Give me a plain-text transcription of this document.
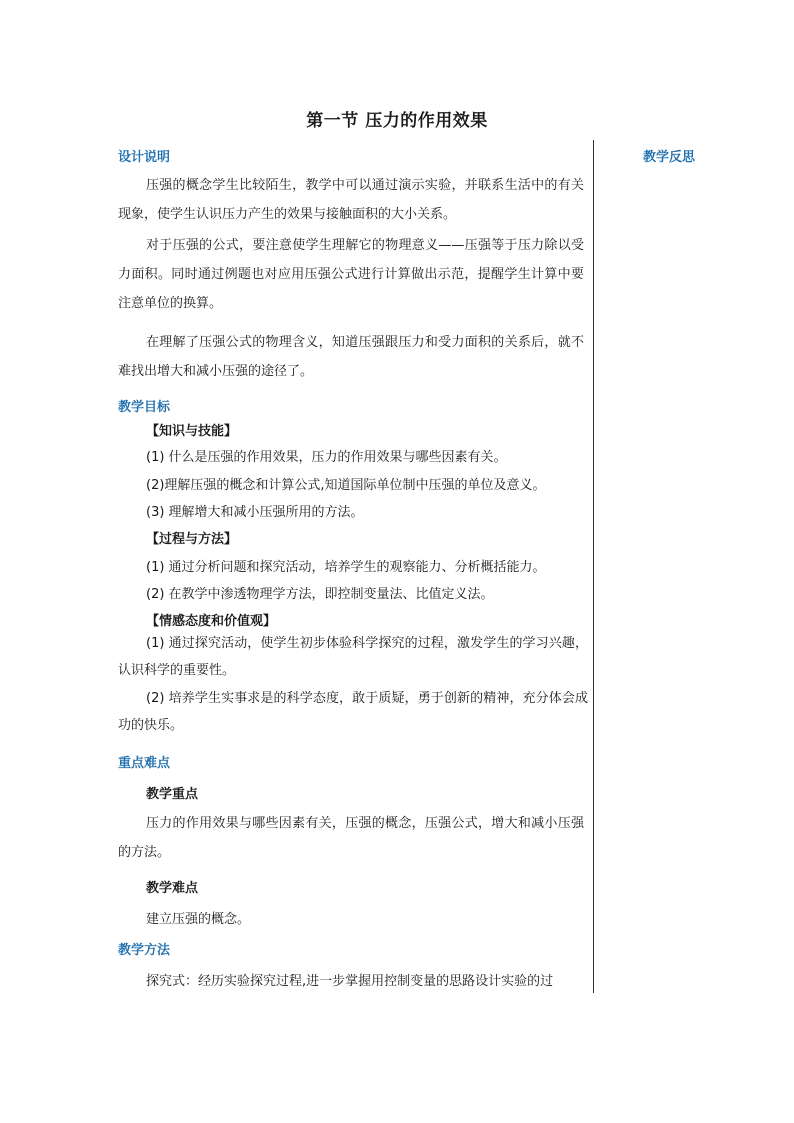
第一节 压力的作用效果
教学反思
设计说明
压强的概念学生比较陌生，教学中可以通过演示实验，并联系生活中的有关现象，使学生认识压力产生的效果与接触面积的大小关系。
对于压强的公式，要注意使学生理解它的物理意义——压强等于压力除以受力面积。同时通过例题也对应用压强公式进行计算做出示范，提醒学生计算中要注意单位的换算。
在理解了压强公式的物理含义，知道压强跟压力和受力面积的关系后，就不难找出增大和减小压强的途径了。
教学目标
【知识与技能】
(1) 什么是压强的作用效果，压力的作用效果与哪些因素有关。
(2)理解压强的概念和计算公式,知道国际单位制中压强的单位及意义。
(3) 理解增大和减小压强所用的方法。
【过程与方法】
(1) 通过分析问题和探究活动，培养学生的观察能力、分析概括能力。
(2) 在教学中渗透物理学方法，即控制变量法、比值定义法。
【情感态度和价值观】
(1) 通过探究活动，使学生初步体验科学探究的过程，激发学生的学习兴趣，认识科学的重要性。
(2) 培养学生实事求是的科学态度，敢于质疑，勇于创新的精神，充分体会成功的快乐。
重点难点
教学重点
压力的作用效果与哪些因素有关，压强的概念，压强公式，增大和减小压强的方法。
教学难点
建立压强的概念。
教学方法
探究式：经历实验探究过程,进一步掌握用控制变量的思路设计实验的过
